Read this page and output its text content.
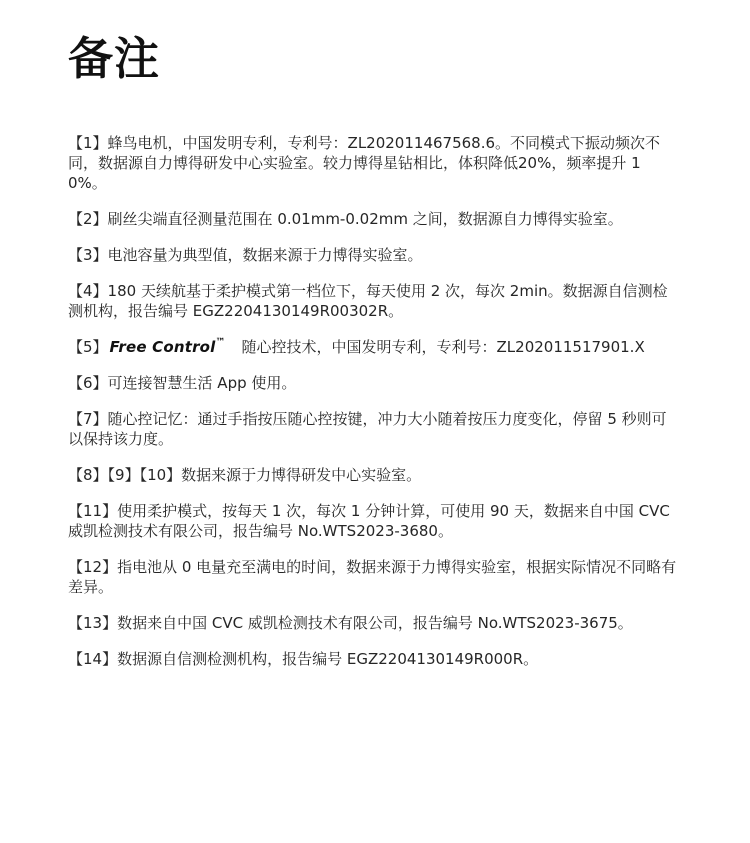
备注
【1】蜂鸟电机，中国发明专利，专利号：ZL202011467568.6。不同模式下振动频次不同，数据源自力博得研发中心实验室。较力博得星钻相比，体积降低20%，频率提升 10%。
【2】刷丝尖端直径测量范围在 0.01mm-0.02mm 之间，数据源自力博得实验室。
【3】电池容量为典型值，数据来源于力博得实验室。
【4】180 天续航基于柔护模式第一档位下，每天使用 2 次，每次 2min。数据源自信测检测机构，报告编号 EGZ2204130149R00302R。
【5】 Free Control ™ 随心控技术，中国发明专利，专利号：ZL202011517901.X
【6】可连接智慧生活 App 使用。
【7】随心控记忆：通过手指按压随心控按键，冲力大小随着按压力度变化，停留 5 秒则可以保持该力度。
【8】【9】【10】数据来源于力博得研发中心实验室。
【11】使用柔护模式，按每天 1 次，每次 1 分钟计算，可使用 90 天，数据来自中国 CVC 威凯检测技术有限公司，报告编号 No.WTS2023-3680。
【12】指电池从 0 电量充至满电的时间，数据来源于力博得实验室，根据实际情况不同略有差异。
【13】数据来自中国 CVC 威凯检测技术有限公司，报告编号 No.WTS2023-3675。
【14】数据源自信测检测机构，报告编号 EGZ2204130149R000R。
